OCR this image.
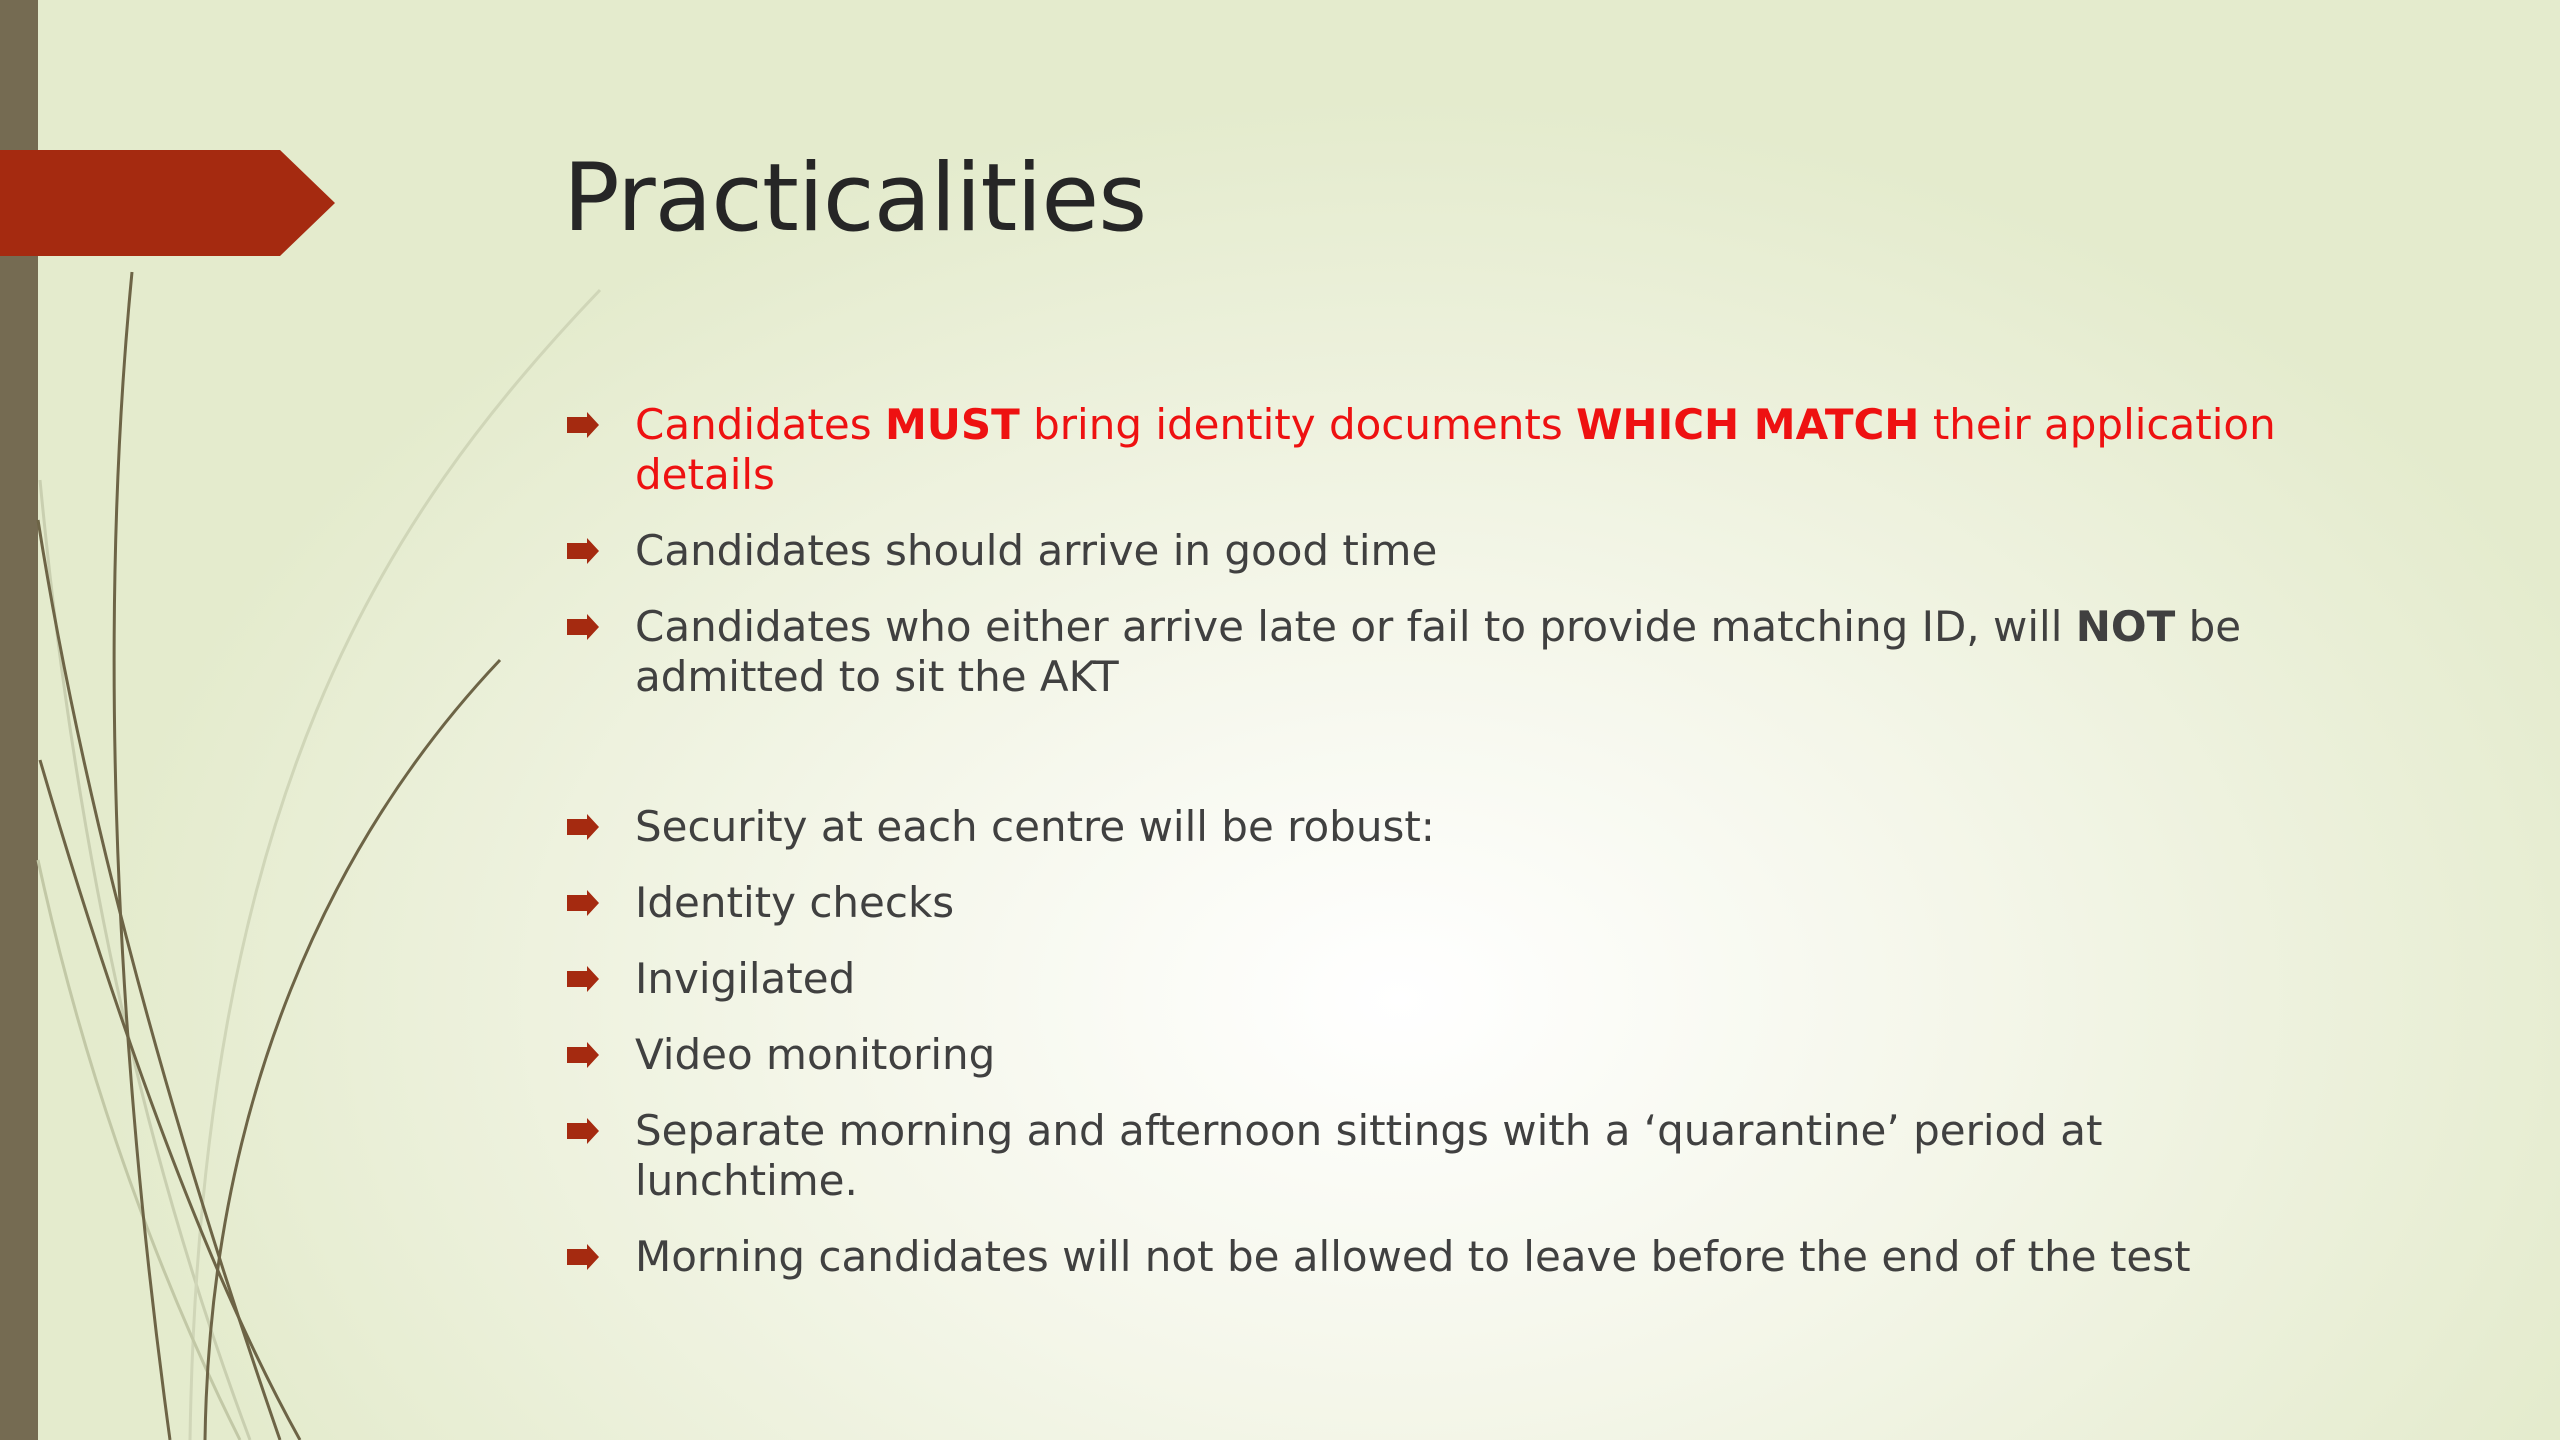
Practicalities
Candidates MUST bring identity documents WHICH MATCH their application details
Candidates should arrive in good time
Candidates who either arrive late or fail to provide matching ID, will NOT be admitted to sit the AKT
Security at each centre will be robust:
Identity checks
Invigilated
Video monitoring
Separate morning and afternoon sittings with a ‘quarantine’ period at lunchtime.
Morning candidates will not be allowed to leave before the end of the test
